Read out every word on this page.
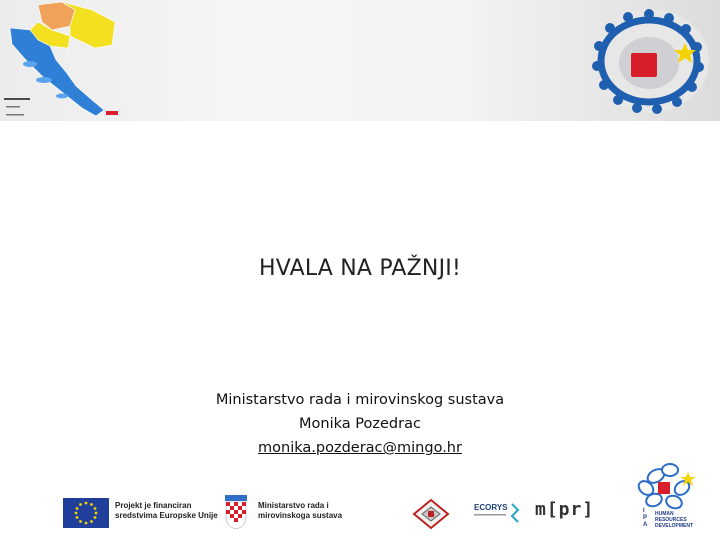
HVALA NA PAŽNJI!
Ministarstvo rada i mirovinskog sustava
Monika Pozedrac
monika.pozderac@mingo.hr
Projekt je financiran
sredstvima Europske Unije
Ministarstvo rada i
mirovinskoga sustava
ECORYS m[pr]	I
P
A
HUMAN
RESOURCES
DEVELOPMENT
